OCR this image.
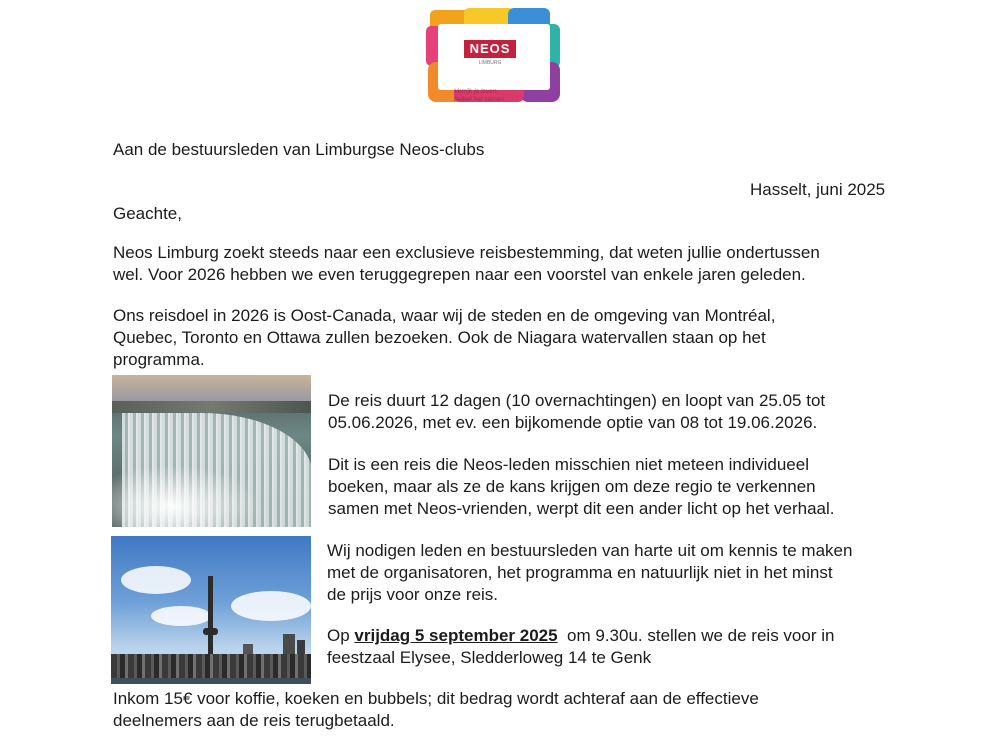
NEOS
LIMBURG
Verrijk je leven,
beleef het samen
Aan de bestuursleden van Limburgse Neos-clubs
Hasselt, juni 2025
Geachte,
Neos Limburg zoekt steeds naar een exclusieve reisbestemming, dat weten jullie ondertussen
wel. Voor 2026 hebben we even teruggegrepen naar een voorstel van enkele jaren geleden.
Ons reisdoel in 2026 is Oost-Canada, waar wij de steden en de omgeving van Montréal,
Quebec, Toronto en Ottawa zullen bezoeken. Ook de Niagara watervallen staan op het
programma.
De reis duurt 12 dagen (10 overnachtingen) en loopt van 25.05 tot
05.06.2026, met ev. een bijkomende optie van 08 tot 19.06.2026.
Dit is een reis die Neos-leden misschien niet meteen individueel
boeken, maar als ze de kans krijgen om deze regio te verkennen
samen met Neos-vrienden, werpt dit een ander licht op het verhaal.
Wij nodigen leden en bestuursleden van harte uit om kennis te maken
met de organisatoren, het programma en natuurlijk niet in het minst
de prijs voor onze reis.
Op vrijdag 5 september 2025  om 9.30u. stellen we de reis voor in
feestzaal Elysee, Sledderloweg 14 te Genk
Inkom 15€ voor koffie, koeken en bubbels; dit bedrag wordt achteraf aan de effectieve
deelnemers aan de reis terugbetaald.
